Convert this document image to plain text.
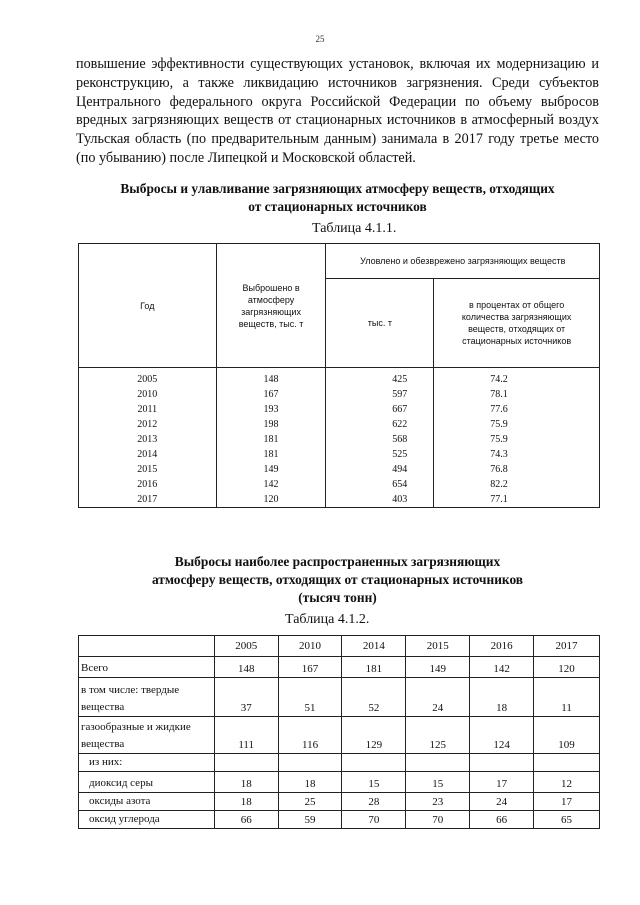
25

повышение эффективности существующих установок, включая их модернизацию и реконструкцию, а также ликвидацию источников загрязнения. Среди субъектов Центрального федерального округа Российской Федерации по объему выбросов вредных загрязняющих веществ от стационарных источников в атмосферный воздух Тульская область (по предварительным данным) занимала в 2017 году третье место (по убыванию) после Липецкой и Московской областей.

Выбросы и улавливание загрязняющих атмосферу веществ, отходящих
от стационарных источников

Таблица 4.1.1.
Год	Выброшено в атмосферу загрязняющих веществ, тыс. т	Уловлено и обезврежено загрязняющих веществ	
		тыс. т	в процентах от общего количества загрязняющих веществ, отходящих от стационарных источников
2005	148	425	74.2
2010	167	597	78.1
2011	193	667	77.6
2012	198	622	75.9
2013	181	568	75.9
2014	181	525	74.3
2015	149	494	76.8
2016	142	654	82.2
2017	120	403	77.1

Выбросы наиболее распространенных загрязняющих
атмосферу веществ, отходящих от стационарных источников
(тысяч тонн)

Таблица 4.1.2.
	2005	2010	2014	2015	2016	2017
Всего	148	167	181	149	142	120
в том числе: твердые вещества	37	51	52	24	18	11
газообразные и жидкие вещества	111	116	129	125	124	109
из них:						
диоксид серы	18	18	15	15	17	12
оксиды азота	18	25	28	23	24	17
оксид углерода	66	59	70	70	66	65
